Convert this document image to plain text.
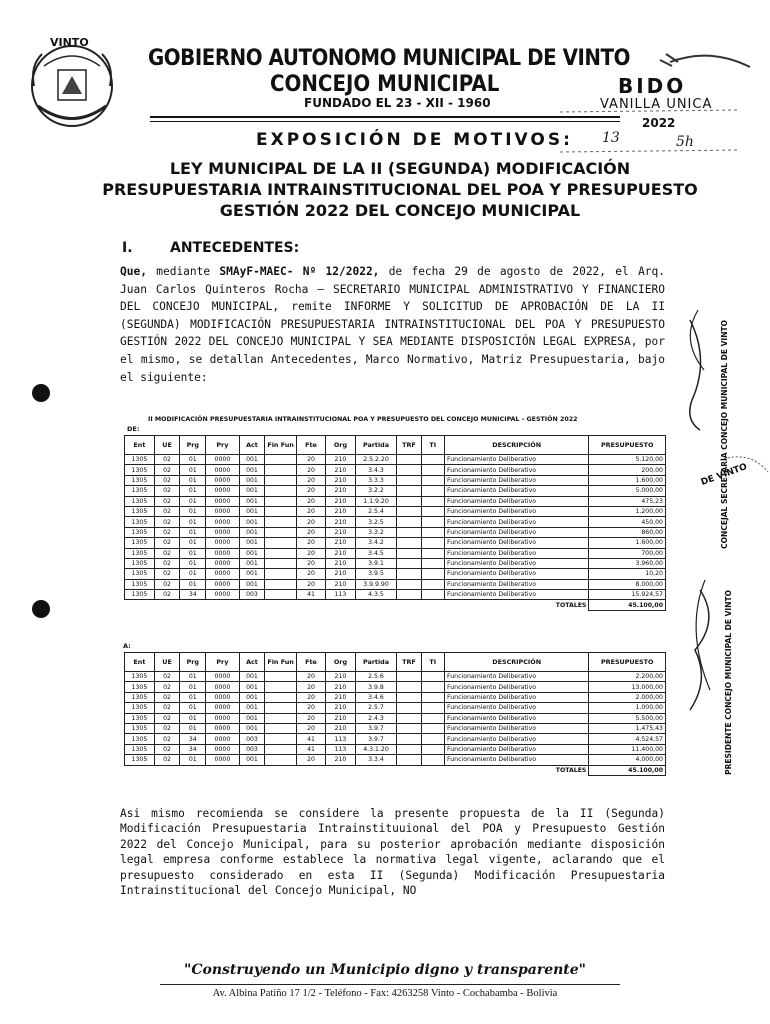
VINTO
GOBIERNO AUTONOMO MUNICIPAL DE VINTO
CONCEJO MUNICIPAL
FUNDADO EL 23 - XII - 1960
BIDO
VANILLA UNICA
2022
13	5h
EXPOSICIÓN DE MOTIVOS:
LEY MUNICIPAL DE LA II (SEGUNDA) MODIFICACIÓN PRESUPUESTARIA INTRAINSTITUCIONAL DEL POA Y PRESUPUESTO GESTIÓN 2022 DEL CONCEJO MUNICIPAL
I.	ANTECEDENTES:
Que, mediante SMAyF-MAEC- Nº 12/2022, de fecha 29 de agosto de 2022, el Arq. Juan Carlos Quinteros Rocha – SECRETARIO MUNICIPAL ADMINISTRATIVO Y FINANCIERO DEL CONCEJO MUNICIPAL, remite INFORME Y SOLICITUD DE APROBACIÓN DE LA II (SEGUNDA) MODIFICACIÓN PRESUPUESTARIA INTRAINSTITUCIONAL DEL POA Y PRESUPUESTO GESTIÓN 2022 DEL CONCEJO MUNICIPAL Y SEA MEDIANTE DISPOSICIÓN LEGAL EXPRESA, por el mismo, se detallan Antecedentes, Marco Normativo, Matriz Presupuestaria, bajo el siguiente:
II MODIFICACIÓN PRESUPUESTARIA INTRAINSTITUCIONAL POA Y PRESUPUESTO DEL CONCEJO MUNICIPAL - GESTIÓN 2022
DE:
Ent	UE	Prg	Pry	Act	Fin Fun	Fte	Org	Partida	TRF	TI	DESCRIPCIÓN	PRESUPUESTO
1305	02	01	0000	001		20	210	2.5.2.20			Funcionamiento Deliberativo	5.120,00
1305	02	01	0000	001		20	210	3.4.3			Funcionamiento Deliberativo	200,00
1305	02	01	0000	001		20	210	3.3.3			Funcionamiento Deliberativo	1.600,00
1305	02	01	0000	001		20	210	3.2.2			Funcionamiento Deliberativo	5.000,00
1305	02	01	0000	001		20	210	1.1.9.20			Funcionamiento Deliberativo	475,23
1305	02	01	0000	001		20	210	2.5.4			Funcionamiento Deliberativo	1.200,00
1305	02	01	0000	001		20	210	3.2.5			Funcionamiento Deliberativo	450,00
1305	02	01	0000	001		20	210	3.3.2			Funcionamiento Deliberativo	860,00
1305	02	01	0000	001		20	210	3.4.2			Funcionamiento Deliberativo	1.600,00
1305	02	01	0000	001		20	210	3.4.5			Funcionamiento Deliberativo	700,00
1305	02	01	0000	001		20	210	3.9.1			Funcionamiento Deliberativo	3.960,00
1305	02	01	0000	001		20	210	3.9.5			Funcionamiento Deliberativo	10,20
1305	02	01	0000	001		20	210	3.9.9.90			Funcionamiento Deliberativo	8.000,00
1305	02	34	0000	003		41	113	4.3.5			Funcionamiento Deliberativo	15.924,57
TOTALES												45.100,00
A:
Ent	UE	Prg	Pry	Act	Fin Fun	Fte	Org	Partida	TRF	TI	DESCRIPCIÓN	PRESUPUESTO
1305	02	01	0000	001		20	210	2.5.6			Funcionamiento Deliberativo	2.200,00
1305	02	01	0000	001		20	210	3.9.8			Funcionamiento Deliberativo	13.000,00
1305	02	01	0000	001		20	210	3.4.6			Funcionamiento Deliberativo	2.000,00
1305	02	01	0000	001		20	210	2.5.7			Funcionamiento Deliberativo	1.000,00
1305	02	01	0000	001		20	210	2.4.3			Funcionamiento Deliberativo	5.500,00
1305	02	01	0000	001		20	210	3.9.7			Funcionamiento Deliberativo	1.475,43
1305	02	34	0000	003		41	113	3.9.7			Funcionamiento Deliberativo	4.524,57
1305	02	34	0000	003		41	113	4.3.1.20			Funcionamiento Deliberativo	11.400,00
1305	02	01	0000	001		20	210	3.3.4			Funcionamiento Deliberativo	4.000,00
TOTALES												45.100,00
CONCEJAL SECRETARIA CONCEJO MUNICIPAL DE VINTO
PRESIDENTE CONCEJO MUNICIPAL DE VINTO
DE VINTO
Asi mismo recomienda se considere la presente propuesta de la II (Segunda) Modificación Presupuestaria Intrainstituuional del POA y Presupuesto Gestión 2022 del Concejo Municipal, para su posterior aprobación mediante disposición legal empresa conforme establece la normativa legal vigente, aclarando que el presupuesto considerado en esta II (Segunda) Modificación Presupuestaria Intrainstitucional del Concejo Municipal, NO
"Construyendo un Municipio digno y transparente"
Av. Albina Patiño 17 1/2 - Teléfono - Fax: 4263258 Vinto - Cochabamba - Bolivia
